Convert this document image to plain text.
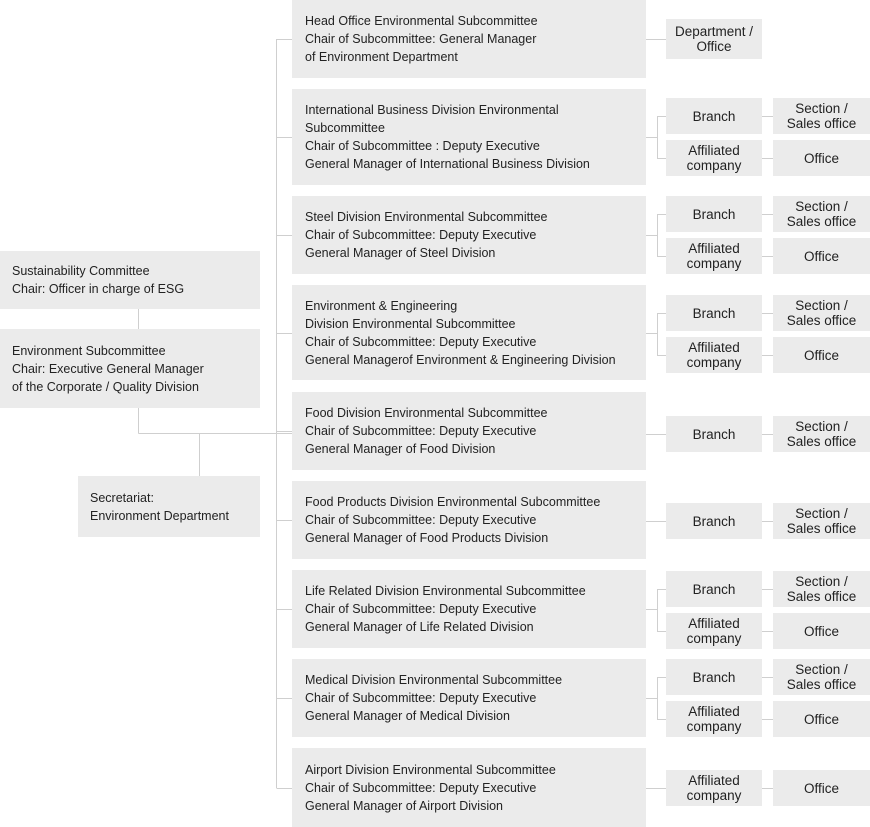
Sustainability Committee
Chair: Officer in charge of ESG
Environment Subcommittee
Chair: Executive General Manager
of the Corporate / Quality Division
Secretariat:
Environment Department
Head Office Environmental Subcommittee
Chair of Subcommittee: General Manager
of Environment Department
Department /
Office
International Business Division Environmental
Subcommittee
Chair of Subcommittee : Deputy Executive
General Manager of International Business Division
Branch	Section /
Sales office
Affiliated
company	Office
Steel Division Environmental Subcommittee
Chair of Subcommittee: Deputy Executive
General Manager of Steel Division
Branch	Section /
Sales office
Affiliated
company	Office
Environment & Engineering
Division Environmental Subcommittee
Chair of Subcommittee: Deputy Executive
General Managerof Environment & Engineering Division
Branch	Section /
Sales office
Affiliated
company	Office
Food Division Environmental Subcommittee
Chair of Subcommittee: Deputy Executive
General Manager of Food Division
Branch	Section /
Sales office
Food Products Division Environmental Subcommittee
Chair of Subcommittee: Deputy Executive
General Manager of Food Products Division
Branch	Section /
Sales office
Life Related Division Environmental Subcommittee
Chair of Subcommittee: Deputy Executive
General Manager of Life Related Division
Branch	Section /
Sales office
Affiliated
company	Office
Medical Division Environmental Subcommittee
Chair of Subcommittee: Deputy Executive
General Manager of Medical Division
Branch	Section /
Sales office
Affiliated
company	Office
Airport Division Environmental Subcommittee
Chair of Subcommittee: Deputy Executive
General Manager of Airport Division
Affiliated
company	Office
